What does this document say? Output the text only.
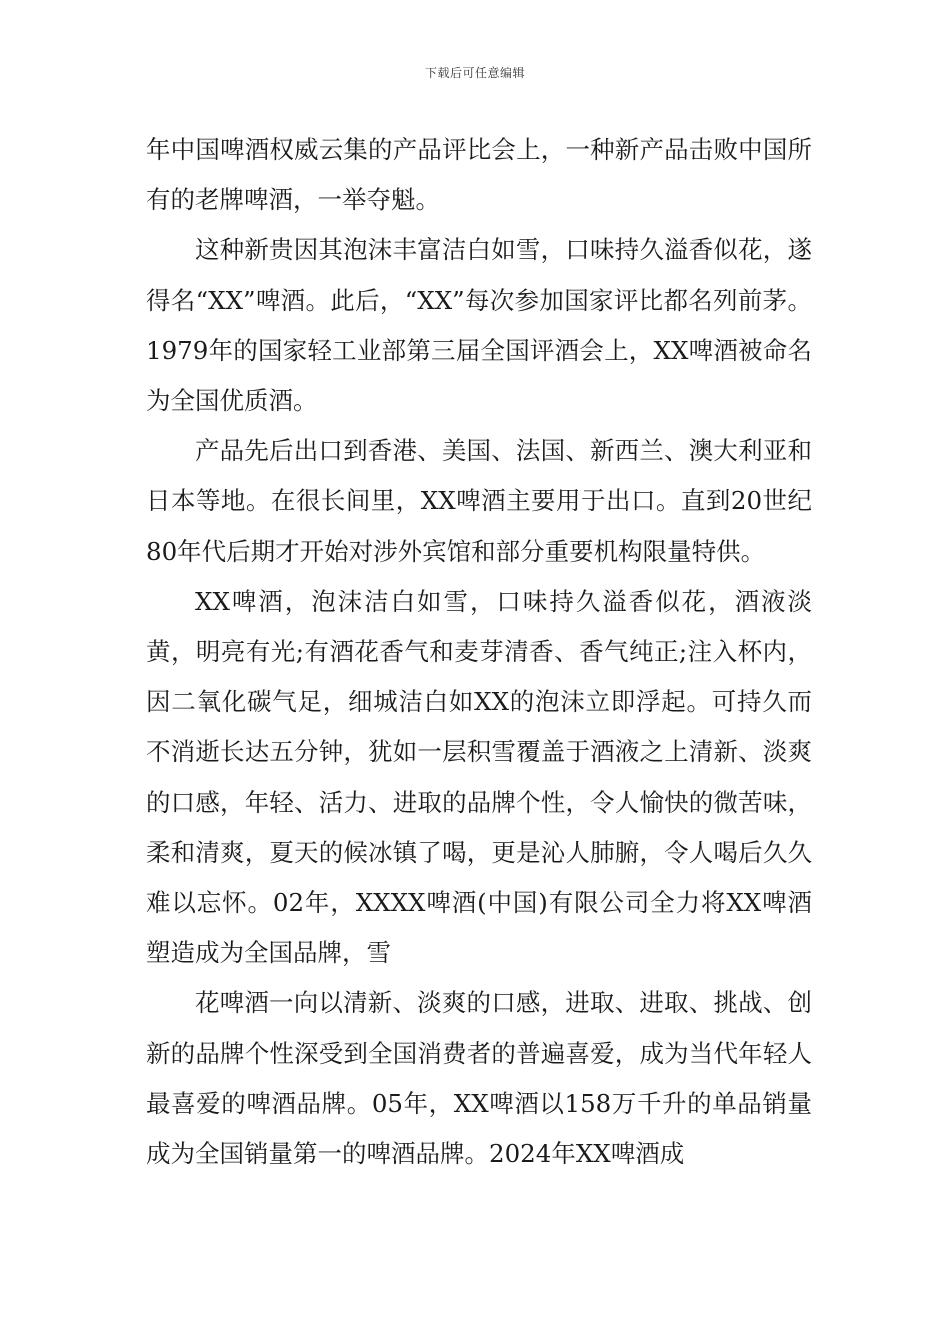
下载后可任意编辑

年中国啤酒权威云集的产品评比会上，一种新产品击败中国所有的老牌啤酒，一举夺魁。

这种新贵因其泡沫丰富洁白如雪，口味持久溢香似花，遂得名“XX”啤酒。此后，“XX”每次参加国家评比都名列前茅。1979年的国家轻工业部第三届全国评酒会上，XX啤酒被命名为全国优质酒。

产品先后出口到香港、美国、法国、新西兰、澳大利亚和日本等地。在很长间里，XX啤酒主要用于出口。直到20世纪80年代后期才开始对涉外宾馆和部分重要机构限量特供。

XX啤酒，泡沫洁白如雪，口味持久溢香似花，酒液淡黄，明亮有光;有酒花香气和麦芽清香、香气纯正;注入杯内，因二氧化碳气足，细城洁白如XX的泡沫立即浮起。可持久而不消逝长达五分钟，犹如一层积雪覆盖于酒液之上清新、淡爽的口感，年轻、活力、进取的品牌个性，令人愉快的微苦味，柔和清爽，夏天的候冰镇了喝，更是沁人肺腑，令人喝后久久难以忘怀。02年，XXXX啤酒(中国)有限公司全力将XX啤酒塑造成为全国品牌，雪

花啤酒一向以清新、淡爽的口感，进取、进取、挑战、创新的品牌个性深受到全国消费者的普遍喜爱，成为当代年轻人最喜爱的啤酒品牌。05年，XX啤酒以158万千升的单品销量成为全国销量第一的啤酒品牌。2024年XX啤酒成
